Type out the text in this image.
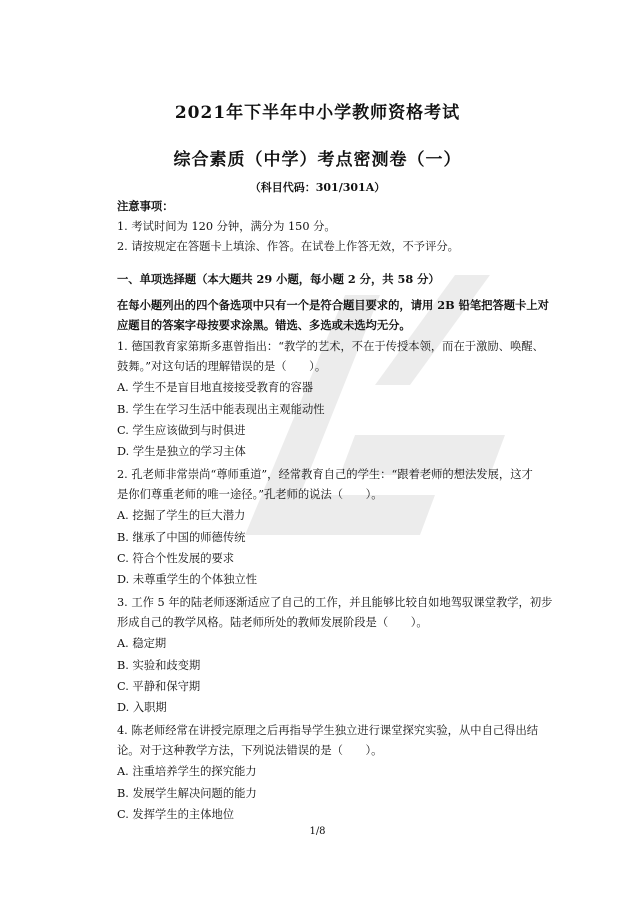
2021年下半年中小学教师资格考试
综合素质（中学）考点密测卷（一）
（科目代码：301/301A）
注意事项：
1. 考试时间为 120 分钟，满分为 150 分。
2. 请按规定在答题卡上填涂、作答。在试卷上作答无效，不予评分。
一、单项选择题（本大题共 29 小题，每小题 2 分，共 58 分）
在每小题列出的四个备选项中只有一个是符合题目要求的，请用 2B 铅笔把答题卡上对
应题目的答案字母按要求涂黑。错选、多选或未选均无分。
1. 德国教育家第斯多惠曾指出：“教学的艺术，不在于传授本领，而在于激励、唤醒、
鼓舞。”对这句话的理解错误的是（　　）。
A. 学生不是盲目地直接接受教育的容器
B. 学生在学习生活中能表现出主观能动性
C. 学生应该做到与时俱进
D. 学生是独立的学习主体
2. 孔老师非常崇尚“尊师重道”，经常教育自己的学生：“跟着老师的想法发展，这才
是你们尊重老师的唯一途径。”孔老师的说法（　　）。
A. 挖掘了学生的巨大潜力
B. 继承了中国的师德传统
C. 符合个性发展的要求
D. 未尊重学生的个体独立性
3. 工作 5 年的陆老师逐渐适应了自己的工作，并且能够比较自如地驾驭课堂教学，初步
形成自己的教学风格。陆老师所处的教师发展阶段是（　　）。
A. 稳定期
B. 实验和歧变期
C. 平静和保守期
D. 入职期
4. 陈老师经常在讲授完原理之后再指导学生独立进行课堂探究实验，从中自己得出结
论。对于这种教学方法，下列说法错误的是（　　）。
A. 注重培养学生的探究能力
B. 发展学生解决问题的能力
C. 发挥学生的主体地位
1/8
